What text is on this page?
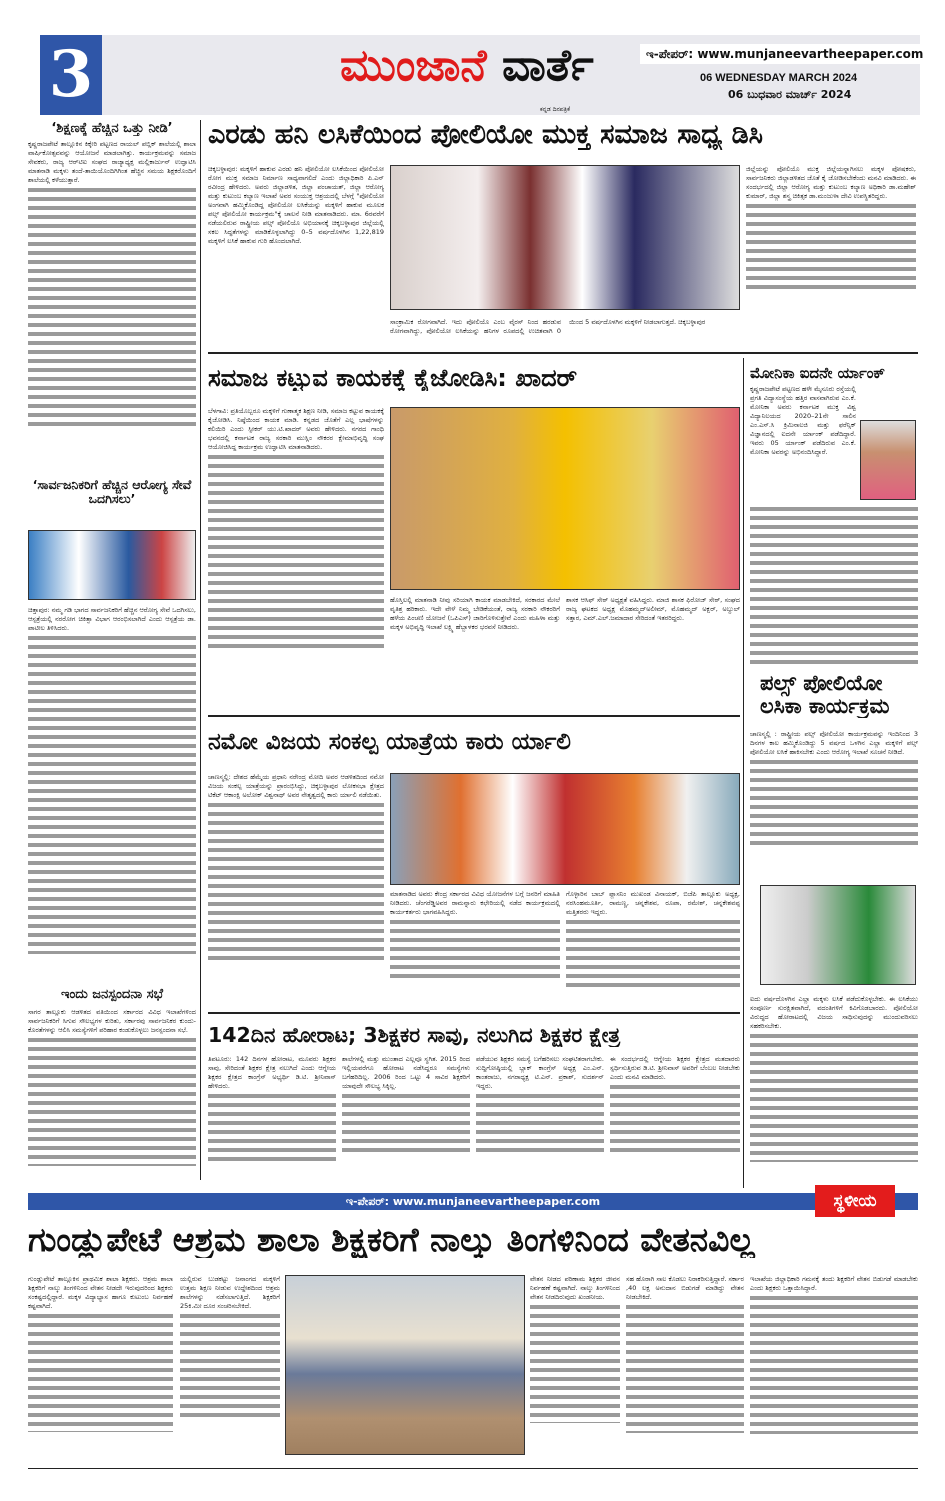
3	ಮುಂಜಾನೆ ವಾರ್ತೆ
ಕನ್ನಡ ದಿನಪತ್ರಿಕೆ
ಇ-ಪೇಪರ್: www.munjaneevartheepaper.com
06 WEDNESDAY MARCH 2024
06 ಬುಧವಾರ ಮಾರ್ಚ್ 2024
‘ಶಿಕ್ಷಣಕ್ಕೆ ಹೆಚ್ಚಿನ ಒತ್ತು ನೀಡಿ’

ಕೃಷ್ಣರಾಜಪೇಟೆ ತಾಲ್ಲೂಕಿನ ಕಿಕ್ಕೇರಿ ಪಟ್ಟಣದ ರಾಯಲ್ ಪಬ್ಲಿಕ್ ಶಾಲೆಯಲ್ಲಿ ಶಾಲಾ ವಾರ್ಷಿಕೋತ್ಸವವನ್ನು ಆಯೋಜನೆ ಮಾಡಲಾಗಿತ್ತು. ಕಾರ್ಯಕ್ರಮವನ್ನು ಸಮಾಜ ಸೇವಕರು, ರಾಜ್ಯ ಆರ್‌ಟಿಐ ಸಂಘದ ರಾಜ್ಯಾಧ್ಯಕ್ಷ ಮಲ್ಲಿಕಾರ್ಜುನ್ ಉದ್ಘಾಟಿಸಿ ಮಾತನಾಡಿ ಮಕ್ಕಳು ತಂದೆ-ತಾಯಿಯೊಂದಿಗಿಗಿಂತ ಹೆಚ್ಚಿನ ಸಮಯ ಶಿಕ್ಷಕರೊಂದಿಗೆ ಶಾಲೆಯಲ್ಲಿ ಕಳೆಯುತ್ತಾರೆ.

‘ಸಾರ್ವಜನಿಕರಿಗೆ ಹೆಚ್ಚಿನ ಆರೋಗ್ಯ ಸೇವೆ ಒದಗಿಸಲು’

ಚಿತ್ತಾಪುರ: ನಮ್ಮ ಗಡಿ ಭಾಗದ ಸಾರ್ವಜನಿಕರಿಗೆ ಹೆಚ್ಚಿನ ಆರೋಗ್ಯ ಸೇವೆ ಒದಗಿಸಲು, ಆಸ್ಪತ್ರೆಯಲ್ಲಿ ನರರೋಗ ಚಿಕಿತ್ಸಾ ವಿಭಾಗ ಆರಂಭಿಸಲಾಗಿದೆ ಎಂದು ಆಸ್ಪತ್ರೆಯ ಡಾ. ಪಾಟೀಲ ತಿಳಿಸಿದರು.

ಇಂದು ಜನಸ್ಪಂದನಾ ಸಭೆ

ಸಾಗರ ತಾಲ್ಲೂಕು ಆಡಳಿತದ ವತಿಯಿಂದ ಸರ್ಕಾರದ ವಿವಿಧ ಇಲಾಖೆಗಳಿಂದ ಸಾರ್ವಜನಿಕರಿಗೆ ಸಿಗುವ ಸೌಲಭ್ಯಗಳ ಕುರಿತು, ಸರ್ಕಾರವು ಸಾರ್ವಜನಿಕರ ಕುಂದು-ಕೊರತೆಗಳನ್ನು ಆಲಿಸಿ ಸಮಸ್ಯೆಗಳಿಗೆ ಪರಿಹಾರ ಕಂಡುಕೊಳ್ಳಲು ಜನಸ್ಪಂದನಾ ಸಭೆ.

ಎರಡು ಹನಿ ಲಸಿಕೆಯಿಂದ ಪೋಲಿಯೋ ಮುಕ್ತ ಸಮಾಜ ಸಾಧ್ಯ ಡಿಸಿ

ಚಿಕ್ಕಬಳ್ಳಾಪುರ: ಮಕ್ಕಳಿಗೆ ಹಾಕುವ ಎರಡು ಹನಿ ಪೋಲಿಯೋ ಲಸಿಕೆಯಿಂದ ಪೋಲಿಯೋ ರೋಗ ಮುಕ್ತ ಸಮಾಜ ನಿರ್ಮಾಣ ಸಾಧ್ಯವಾಗಲಿದೆ ಎಂದು ಜಿಲ್ಲಾಧಿಕಾರಿ ಪಿ.ಎನ್ ರವೀಂದ್ರ ಹೇಳಿದರು. ಅವರು ಜಿಲ್ಲಾಡಳಿತ, ಜಿಲ್ಲಾ ಪಂಚಾಯತ್, ಜಿಲ್ಲಾ ಆರೋಗ್ಯ ಮತ್ತು ಕುಟುಂಬ ಕಲ್ಯಾಣ ಇಲಾಖೆ ಅವರ ಸಂಯುಕ್ತ ಆಶ್ರಯದಲ್ಲಿ ಬೆಳಗ್ಗೆ "ಪೋಲಿಯೋ ಅಂಗವಾಗಿ ಹಮ್ಮಿಕೊಂಡಿದ್ದ ಪೋಲಿಯೋ ಲಸಿಕೆಯನ್ನು ಮಕ್ಕಳಿಗೆ ಹಾಕುವ ಮೂಲಕ ಪಲ್ಸ್ ಪೋಲಿಯೋ ಕಾರ್ಯಕ್ರಮ"ಕ್ಕೆ ಚಾಲನೆ ನೀಡಿ ಮಾತನಾಡಿದರು. ಮಾ. 6ರವರೆಗೆ ನಡೆಯಲಿರುವ ರಾಷ್ಟ್ರೀಯ ಪಲ್ಸ್ ಪೋಲಿಯೊ ಅಭಿಯಾನಕ್ಕೆ ಚಿಕ್ಕಬಳ್ಳಾಪುರ ಜಿಲ್ಲೆಯಲ್ಲಿ ಸಕಲ ಸಿದ್ಧತೆಗಳನ್ನು ಮಾಡಿಕೊಳ್ಳಲಾಗಿದ್ದು 0–5 ವರ್ಷದೊಳಗಿನ 1,22,819 ಮಕ್ಕಳಿಗೆ ಲಸಿಕೆ ಹಾಕುವ ಗುರಿ ಹೊಂದಲಾಗಿದೆ.

ಸಾಂಕ್ರಾಮಿಕ ರೋಗವಾಗಿದೆ. ಇದು ಪೋಲಿಯೊ ಎಂಬ ವೈರಸ್ ನಿಂದ ಹರಡುವ ರೋಗವಾಗಿದ್ದು, ಪೋಲಿಯೋ ಲಸಿಕೆಯನ್ನು ಹನಿಗಳ ರೂಪದಲ್ಲಿ ಉಚಿತವಾಗಿ 0 ಯಿಂದ 5 ವರ್ಷದೊಳಗಿನ ಮಕ್ಕಳಿಗೆ ನೀಡಲಾಗುತ್ತದೆ. ಚಿಕ್ಕಬಳ್ಳಾಪುರ

ಜಿಲ್ಲೆಯನ್ನು ಪೋಲಿಯೊ ಮುಕ್ತ ಜಿಲ್ಲೆಯನ್ನಾಗಿಸಲು ಮಕ್ಕಳ ಪೋಷಕರು, ಸಾರ್ವಜನಿಕರು ಜಿಲ್ಲಾಡಳಿತದ ಜೊತೆ ಕೈ ಜೋಡಿಸಬೇಕೆಂದು ಮನವಿ ಮಾಡಿದರು. ಈ ಸಂದರ್ಭದಲ್ಲಿ ಜಿಲ್ಲಾ ಆರೋಗ್ಯ ಮತ್ತು ಕುಟುಂಬ ಕಲ್ಯಾಣ ಅಧಿಕಾರಿ ಡಾ.ಮಹೇಶ್ ಕುಮಾರ್, ಜಿಲ್ಲಾ ಶಸ್ತ್ರ ಚಿಕಿತ್ಸಕ ಡಾ.ಮಂಜುಳಾ ದೇವಿ ಉಪಸ್ಥಿತರಿದ್ದರು.

ಸಮಾಜ ಕಟ್ಟುವ ಕಾಯಕಕ್ಕೆ ಕೈಜೋಡಿಸಿ: ಖಾದರ್

ಬೆಳಗಾವಿ: ಪ್ರತಿಯೊಬ್ಬರೂ ಮಕ್ಕಳಿಗೆ ಗುಣಾತ್ಮಕ ಶಿಕ್ಷಣ ನೀಡಿ, ಸಮಾಜ ಕಟ್ಟುವ ಕಾಯಕಕ್ಕೆ ಕೈಜೋಡಿಸಿ. ನಿಷ್ಠೆಯಿಂದ ಕಾಯಕ ಮಾಡಿ. ಕನ್ನಡದ ಜೊತೆಗೆ ಎಲ್ಲ ಭಾಷೆಗಳನ್ನು ಕಲಿಯಿರಿ ಎಂದು ಸ್ಪೀಕರ್ ಯು.ಟಿ.ಖಾದರ್ ಅವರು ಹೇಳಿದರು. ನಗರದ ಗಾಂಧಿ ಭವನದಲ್ಲಿ ಕರ್ನಾಟಕ ರಾಜ್ಯ ಸರಕಾರಿ ಮುಸ್ಲಿಂ ನೌಕರರ ಕ್ಷೇಮಾಭಿವೃದ್ಧಿ ಸಂಘ ಆಯೋಜಿಸಿದ್ದ ಕಾರ್ಯಕ್ರಮ ಉದ್ಘಾಟಿಸಿ ಮಾತನಾಡಿದರು.

ಹೊಸ್ತಿಲಲ್ಲಿ ಮಾತನಾಡಿ ನೀವು ಸರಿಯಾಗಿ ಕಾಯಕ ಮಾಡಬೇಕಿದೆ, ಸರಕಾರದ ಮೇಲೆ ವೃತಿಶ್ರ ಹರಿಕಾರು. ಇದೇ ವೇಳೆ ನಿಮ್ಮ ಬೇಡಿಕೆಯಂತೆ, ರಾಜ್ಯ ಸರಕಾರಿ ನೌಕರರಿಗೆ ಹಳೆಯ ಪಿಂಚಣಿ ಯೋಜನೆ (ಒಪಿಎಸ್) ಜಾರಿಗೊಳಿಸುತ್ತೇವೆ ಎಂದು ಮಹಿಳಾ ಮತ್ತು ಮಕ್ಕಳ ಅಭಿವೃದ್ಧಿ ಇಲಾಖೆ ಲಕ್ಷ್ಮಿ ಹೆಬ್ಬಾಳಕರ ಭರವಸೆ ನೀಡಿದರು.

ಶಾಸಕ ಆಸಿಫ್ ಸೇಠ್ ಅಧ್ಯಕ್ಷತೆ ವಹಿಸಿದ್ದರು. ಮಾಜಿ ಶಾಸಕ ಫಿರೋಜ್ ಸೇಠ್, ಸಂಘದ ರಾಜ್ಯ ಘಟಕದ ಅಧ್ಯಕ್ಷ ಮೊಹಮ್ಮದ್‌ಅಲೀಮ್, ಮೊಹಮ್ಮದ್ ಅಕ್ಬರ್, ಅಬ್ದುಲ್ ಸತ್ತಾರ, ಎಮ್.ಎಲ್.ಜಮಾದಾರ ಸೇರಿದಂತೆ ಇತರರಿದ್ದರು.

ಮೋನಿಕಾ ಐದನೇ ರ್ಯಾಂಕ್

ಕೃಷ್ಣರಾಜಪೇಟೆ ಪಟ್ಟಣದ ಹಳೇ ಮೈಸೂರು ರಸ್ತೆಯಲ್ಲಿ ಪ್ರಗತಿ ವಿದ್ಯಾಸಂಸ್ಥೆಯ ಹತ್ತಿರ ವಾಸವಾಗಿರುವ ಎಂ.ಕೆ. ಮೋನಿಕಾ ಅವರು ಕರ್ನಾಟಕ ಮುಕ್ತ ವಿಶ್ವ ವಿದ್ಯಾನಿಲಯದ 2020–21ನೇ ಸಾಲಿನ ಎಂ.ಎಸ್.ಸಿ ಕ್ರಿಮಿನಾಲಜಿ ಮತ್ತು ಫರೆನ್ಸಿಕ್ ವಿಜ್ಞಾನದಲ್ಲಿ ಐದನೇ ರ್ಯಾಂಕ್ ಪಡೆದಿದ್ದಾರೆ. ಇವರು 05 ರ್ಯಾಂಕ್ ಪಡೆದಿರುವ ಎಂ.ಕೆ. ಮೋನಿಕಾ ಅವರನ್ನು ಅಭಿನಂದಿಸಿದ್ದಾರೆ.

ಪಲ್ಸ್ ಪೋಲಿಯೋ ಲಸಿಕಾ ಕಾರ್ಯಕ್ರಮ

ಚಾಣಸ್ಮಲ್ಲಿ : ರಾಷ್ಟ್ರೀಯ ಪಲ್ಸ್ ಪೋಲಿಯೋ ಕಾರ್ಯಕ್ರಮವನ್ನು ಇಂದಿನಿಂದ 3 ದಿನಗಳ ಕಾಲ ಹಮ್ಮಿಕೊಂಡಿದ್ದು 5 ವರ್ಷದ ಒಳಗಿನ ಎಲ್ಲಾ ಮಕ್ಕಳಿಗೆ ಪಲ್ಸ್ ಪೋಲಿಯೋ ಲಸಿಕೆ ಹಾಕಿಸಬೇಕು ಎಂದು ಆರೋಗ್ಯ ಇಲಾಖೆ ಸೂಚನೆ ನೀಡಿದೆ.

ಐದು ವರ್ಷದೊಳಗಿನ ಎಲ್ಲಾ ಮಕ್ಕಳು ಲಸಿಕೆ ಪಡೆದುಕೊಳ್ಳಬೇಕು. ಈ ಲಸಿಕೆಯು ಸಂಪೂರ್ಣ ಸುರಕ್ಷಿತವಾಗಿದೆ, ವದಂತಿಗಳಿಗೆ ಕಿವಿಗೊಡಬಾರದು. ಪೋಲಿಯೋ ವಿರುದ್ಧದ ಹೋರಾಟದಲ್ಲಿ ವಿಜಯ ಸಾಧಿಸುವುದನ್ನು ಮುಂದುವರಿಸಲು ಸಹಕರಿಸಬೇಕು.

ನಮೋ ವಿಜಯ ಸಂಕಲ್ಪ ಯಾತ್ರೆಯ ಕಾರು ರ್ಯಾಲಿ

ಚಾಣಸ್ಮಲ್ಲಿ: ದೇಶದ ಹೆಮ್ಮೆಯ ಪ್ರಧಾನಿ ನರೇಂದ್ರ ಮೋದಿ ಅವರ ಆಡಳಿತದಿಂದ ನಮೋ ವಿಜಯ ಸಂಕಲ್ಪ ಯಾತ್ರೆಯನ್ನು ಪ್ರಾರಂಭಿಸಿದ್ದು, ಚಿಕ್ಕಬಳ್ಳಾಪುರ ಲೋಕಸಭಾ ಕ್ಷೇತ್ರದ ಟಿಕೆಟ್ ಆಕಾಂಕ್ಷಿ ಅಲೋಕ್ ವಿಶ್ವನಾಥ್ ಅವರ ನೇತೃತ್ವದಲ್ಲಿ ಕಾರು ರ್ಯಾಲಿ ನಡೆಯಿತು.

ಮಾತನಾಡಿದ ಅವರು ಕೇಂದ್ರ ಸರ್ಕಾರದ ವಿವಿಧ ಯೋಜನೆಗಳ ಬಗ್ಗೆ ಜನರಿಗೆ ಮಾಹಿತಿ ನೀಡಿದರು. ಚೆಂಗರೆಡ್ಡಿಅವರ ರಾಮನ್ನಾರು ಕಛೇರಿಯಲ್ಲಿ ನಡೆದ ಕಾರ್ಯಕ್ರಮದಲ್ಲಿ ಕಾರ್ಯಕರ್ತರು ಭಾಗವಹಿಸಿದ್ದರು.

ಗೊಳ್ಳಾರಿನ ಬಾಬ್ ಪ್ಲಾಸನಿಂ ಮುಖಂಡ ವಿನಾಯಕ್, ಬಿಜೆಪಿ ತಾಲ್ಲೂಕು ಅಧ್ಯಕ್ಷ, ನರಸಿಂಹಮೂರ್ತಿ, ರಾಮಣ್ಣ, ಚನ್ನಕೇಶವ, ರೂಪಾ, ರಮೇಶ್, ಚನ್ನಕೇಶವಪ್ಪ ಮತ್ತಿತರರು ಇದ್ದರು.

142ದಿನ ಹೋರಾಟ; 3ಶಿಕ್ಷಕರ ಸಾವು, ನಲುಗಿದ ಶಿಕ್ಷಕರ ಕ್ಷೇತ್ರ

ತಿಪಟೂರು: 142 ದಿನಗಳ ಹೋರಾಟ, ಮೂವರು ಶಿಕ್ಷಕರ ಸಾವು, ಸೇರಿದಂತೆ ಶಿಕ್ಷಕರ ಕ್ಷೇತ್ರ ನಲುಗಿದೆ ಎಂದು ಆಗ್ನೇಯ ಶಿಕ್ಷಕರ ಕ್ಷೇತ್ರದ ಕಾಂಗ್ರೆಸ್ ಅಭ್ಯರ್ಥಿ ಡಿ.ಟಿ. ಶ್ರೀನಿವಾಸ್ ಹೇಳಿದರು.

ಶಾಲೆಗಳಲ್ಲಿ ಮತ್ತು ಮುಂತಾದ ಎಲ್ಲವೂ ಸ್ಥಗಿತ. 2015 ರಿಂದ ಇಲ್ಲಿಯವರೆಗೂ ಹೋರಾಟ ನಡೆಸಿದ್ದರೂ ಸಮಸ್ಯೆಗಳು ಬಗೆಹರಿದಿಲ್ಲ. 2006 ರಿಂದ ಒಟ್ಟು 4 ಸಾವಿರ ಶಿಕ್ಷಕರಿಗೆ ಯಾವುದೇ ಸೌಲಭ್ಯ ಸಿಕ್ಕಿಲ್ಲ.

ಪಡೆಯುವ ಶಿಕ್ಷಕರ ಸಮಸ್ಯೆ ಬಗೆಹರಿಸಲು ಸಂಘಟಿತರಾಗಬೇಕು. ಸುದ್ದಿಗೋಷ್ಠಿಯಲ್ಲಿ ಬ್ಲಾಕ್ ಕಾಂಗ್ರೆಸ್ ಅಧ್ಯಕ್ಷ ಎಂ.ಎನ್. ಕಾಂತರಾಜು, ನಗರಾಧ್ಯಕ್ಷ ಟಿ.ಎನ್. ಪ್ರಕಾಶ್, ಸುದರ್ಶನ್ ಇದ್ದರು.

ಈ ಸಂದರ್ಭದಲ್ಲಿ ಆಗ್ನೇಯ ಶಿಕ್ಷಕರ ಕ್ಷೇತ್ರದ ಮತದಾರರು ಸ್ಪರ್ಧಿಸುತ್ತಿರುವ ಡಿ.ಟಿ. ಶ್ರೀನಿವಾಸ್ ಅವರಿಗೆ ಬೆಂಬಲ ನೀಡಬೇಕು ಎಂದು ಮನವಿ ಮಾಡಿದರು.

ಇ-ಪೇಪರ್: www.munjaneevartheepaper.com	ಸ್ಥಳೀಯ
ಗುಂಡ್ಲುಪೇಟೆ ಆಶ್ರಮ ಶಾಲಾ ಶಿಕ್ಷಕರಿಗೆ ನಾಲ್ಕು ತಿಂಗಳಿನಿಂದ ವೇತನವಿಲ್ಲ

ಗುಂಡ್ಲುಪೇಟೆ ತಾಲ್ಲೂಕಿನ ಪ್ರಾಥಮಿಕ ಶಾಲಾ ಶಿಕ್ಷಕರು. ಆಶ್ರಮ ಶಾಲಾ ಶಿಕ್ಷಕರಿಗೆ ನಾಲ್ಕು ತಿಂಗಳಿನಿಂದ ವೇತನ ನೀಡದೇ ಇರುವುದರಿಂದ ಶಿಕ್ಷಕರು ಸಂಕಷ್ಟದಲ್ಲಿದ್ದಾರೆ. ಮಕ್ಕಳ ವಿದ್ಯಾಭ್ಯಾಸ ಹಾಗೂ ಕುಟುಂಬ ನಿರ್ವಹಣೆ ಕಷ್ಟವಾಗಿದೆ.

ಯಲ್ಲಿರುವ ಬುಡಕಟ್ಟು ಜನಾಂಗದ ಮಕ್ಕಳಿಗೆ ಉತ್ತಮ ಶಿಕ್ಷಣ ನೀಡುವ ಉದ್ದೇಶದಿಂದ ಆಶ್ರಮ ಶಾಲೆಗಳನ್ನು ನಡೆಸಲಾಗುತ್ತಿದೆ. ಶಿಕ್ಷಕರಿಗೆ 25ಕಿ.ಮೀ ದೂರ ಸಂಚರಿಸಬೇಕಿದೆ.

ವೇತನ ನೀಡದ ಪರಿಣಾಮ ಶಿಕ್ಷಕರ ಜೀವನ ನಿರ್ವಹಣೆ ಕಷ್ಟವಾಗಿದೆ. ನಾಲ್ಕು ತಿಂಗಳಿನಿಂದ ವೇತನ ನೀಡದಿರುವುದು ಖಂಡನೀಯ.

ಸಹ ಹೊರಾಗಿ ಸಾಲ ಕೊಡಲು ನಿರಾಕರಿಸುತ್ತಿದ್ದಾರೆ. ಸರ್ಕಾರ ,40 ಲಕ್ಷ ಅನುದಾನ ಬಿಡುಗಡೆ ಮಾಡಿದ್ದು ವೇತನ ನೀಡಬೇಕಿದೆ.

ಇಲಾಖೆಯ ಜಿಲ್ಲಾಧಿಕಾರಿ ಗಮನಕ್ಕೆ ತಂದು ಶಿಕ್ಷಕರಿಗೆ ವೇತನ ಬಿಡುಗಡೆ ಮಾಡಬೇಕು ಎಂದು ಶಿಕ್ಷಕರು ಒತ್ತಾಯಿಸಿದ್ದಾರೆ.
